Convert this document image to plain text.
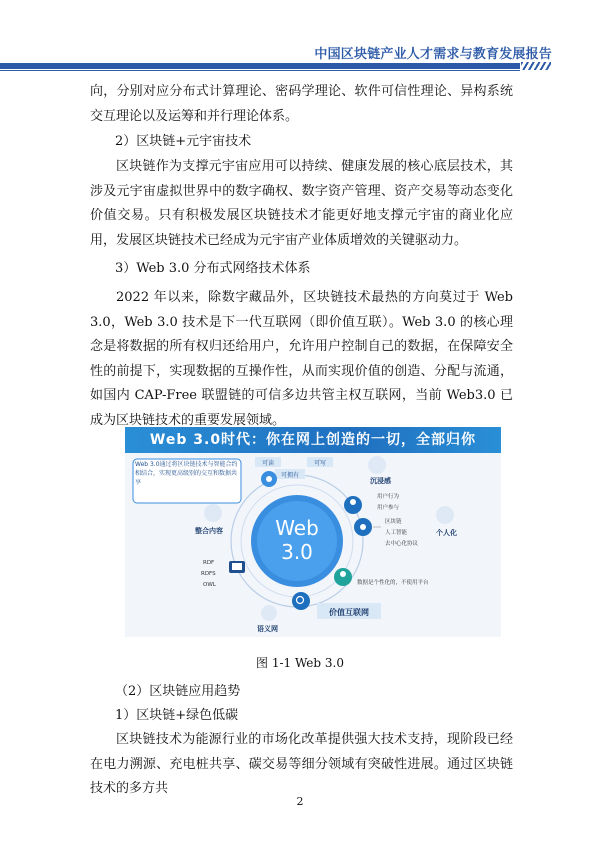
中国区块链产业人才需求与教育发展报告
向，分别对应分布式计算理论、密码学理论、软件可信性理论、异构系统交互理论以及运筹和并行理论体系。
2）区块链+元宇宙技术
区块链作为支撑元宇宙应用可以持续、健康发展的核心底层技术，其涉及元宇宙虚拟世界中的数字确权、数字资产管理、资产交易等动态变化价值交易。只有积极发展区块链技术才能更好地支撑元宇宙的商业化应用，发展区块链技术已经成为元宇宙产业体质增效的关键驱动力。
3）Web 3.0 分布式网络技术体系
2022 年以来，除数字藏品外，区块链技术最热的方向莫过于 Web 3.0，Web 3.0 技术是下一代互联网（即价值互联）。Web 3.0 的核心理念是将数据的所有权归还给用户，允许用户控制自己的数据，在保障安全性的前提下，实现数据的互操作性，从而实现价值的创造、分配与流通，如国内 CAP-Free 联盟链的可信多边共管主权互联网，当前 Web3.0 已成为区块链技术的重要发展领域。
Web 3.0时代：你在网上创造的一切，全部归你
Web
3.0
Web 3.0通过将区块链技术与智能合约相结合，实现更高级别的交互和数据共享
可读	可写
可拥有
沉浸感
用户行为
用户参与
区块链
人工智能
去中心化协议
个人化
整合内容
RDF
RDFS
OWL	数据是个性化的，不使用平台
价值互联网
语义网
图 1-1 Web 3.0
（2）区块链应用趋势
1）区块链+绿色低碳
区块链技术为能源行业的市场化改革提供强大技术支持，现阶段已经在电力溯源、充电桩共享、碳交易等细分领域有突破性进展。通过区块链技术的多方共
2
